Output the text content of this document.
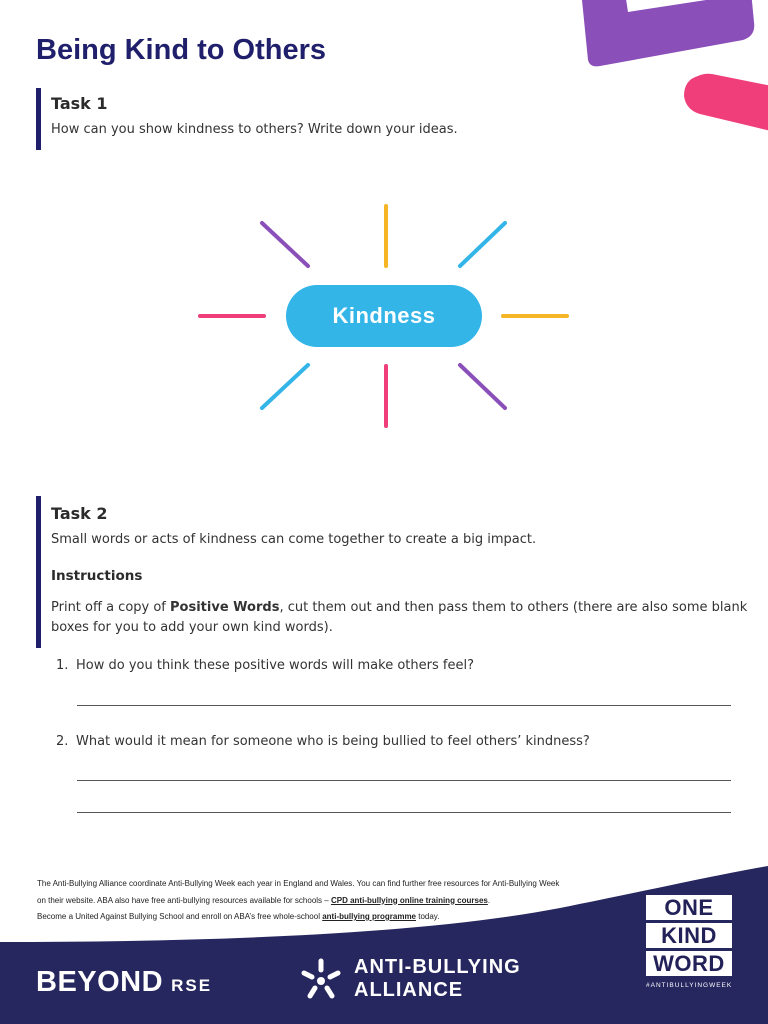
Being Kind to Others
Task 1
How can you show kindness to others? Write down your ideas.
Kindness
Task 2
Small words or acts of kindness can come together to create a big impact.
Instructions
Print off a copy of Positive Words, cut them out and then pass them to others (there are also some blank boxes for you to add your own kind words).
1. How do you think these positive words will make others feel?
2. What would it mean for someone who is being bullied to feel others’ kindness?
The Anti-Bullying Alliance coordinate Anti-Bullying Week each year in England and Wales. You can find further free resources for Anti-Bullying Week
on their website. ABA also have free anti-bullying resources available for schools – CPD anti-bullying online training courses.
Become a United Against Bullying School and enroll on ABA’s free whole-school anti-bullying programme today.
BEYOND RSE
ANTI-BULLYING
ALLIANCE
ONE
KIND
WORD
#ANTIBULLYINGWEEK
